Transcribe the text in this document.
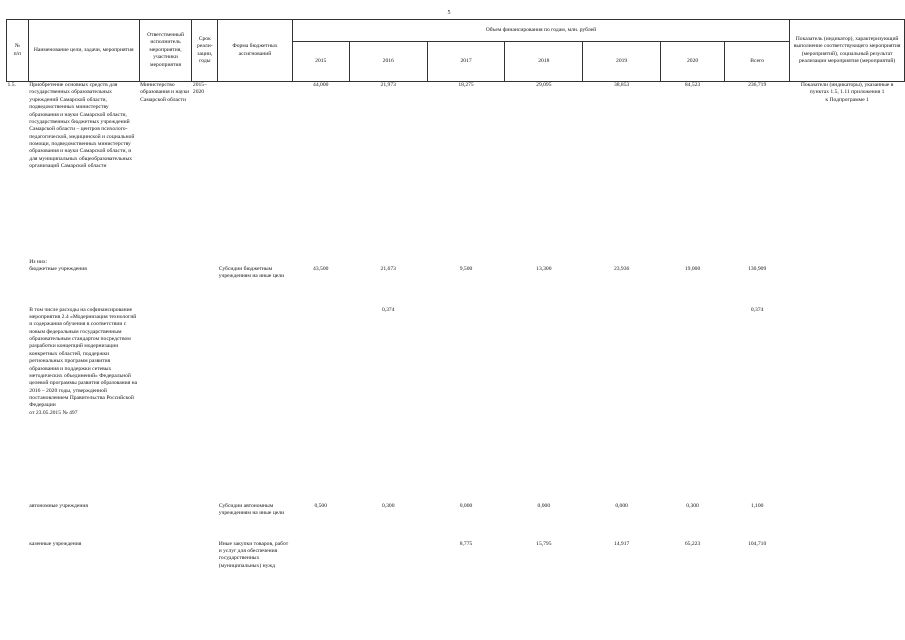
5
№
п/п	Наименование цели, задачи, мероприятия	Ответственный исполнитель мероприятия, участники мероприятия	Срок реали-зации, годы	Форма бюджетных ассигнований	Объем финансирования по годам, млн. рублей							Показатель (индикатор), характеризующий выполнение соответствующего мероприятия (мероприятий), социальный результат реализации мероприятия (мероприятий)
					2015	2016	2017	2018	2019	2020	Всего	
1.5.	Приобретение основных средств для государственных образовательных учреждений Самарской области, подведомственных министерству образования и науки Самарской области, государственных бюджетных учреждений Самарской области – центров психолого-педагогической, медицинской и социальной помощи, подведомственных министерству образования и науки Самарской области, и для муниципальных общеобразовательных организаций Самарской области	Министерство образования и науки Самарской области	2015–
2020		44,000	21,973	18,275	29,095	38,853	84,523	236,719	Показатели (индикаторы), указанные в пунктах 1.5, 1.11 приложения 1
к Подпрограмме 1
	Из них:
бюджетные учреждения			Субсидии бюджетным учреждениям на иные цели	43,500	21,673	9,500	13,300	23,936	19,000	130,909	
	В том числе расходы на софинансирование мероприятия 2.4 «Модернизация технологий и содержания обучения в соответствии с новым федеральным государственным образовательным стандартом посредством разработки концепций модернизации конкретных областей, поддержки региональных программ развития образования и поддержки сетевых методических объединений» Федеральной целевой программы развития образования на 2016 – 2020 годы, утвержденной постановлением Правительства Российской Федерации
от 23.05.2015 № 497					0,374					0,374	
	автономные учреждения			Субсидии автономным учреждениям на иные цели	0,500	0,300	0,000	0,000	0,000	0,300	1,100	
	казенные учреждения			Иные закупки товаров, работ и услуг для обеспечения государственных (муниципальных) нужд			8,775	15,795	14,917	65,223	104,710	
